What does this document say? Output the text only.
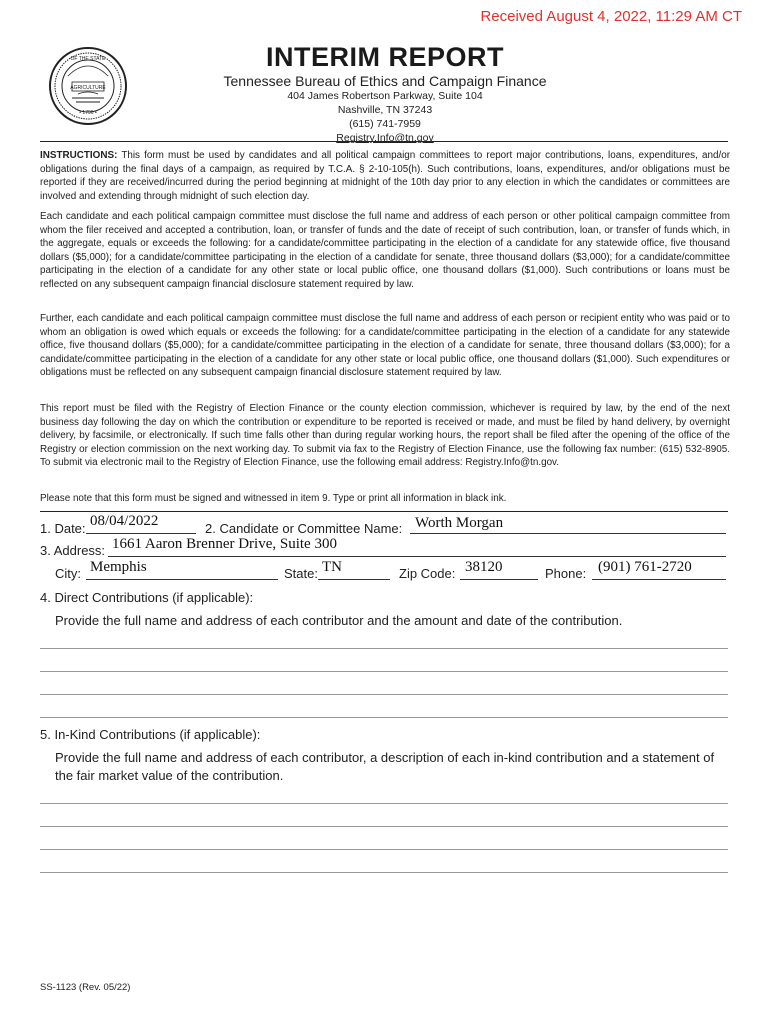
Received August 4, 2022, 11:29 AM CT
AGRICULTURE
• 1796 •
OF THE STATE	INTERIM REPORT
Tennessee Bureau of Ethics and Campaign Finance
404 James Robertson Parkway, Suite 104
Nashville, TN 37243
(615) 741-7959
Registry.Info@tn.gov
INSTRUCTIONS: This form must be used by candidates and all political campaign committees to report major contributions, loans, expenditures, and/or obligations during the final days of a campaign, as required by T.C.A. § 2-10-105(h). Such contributions, loans, expenditures, and/or obligations must be reported if they are received/incurred during the period beginning at midnight of the 10th day prior to any election in which the candidates or committees are involved and extending through midnight of such election day.
Each candidate and each political campaign committee must disclose the full name and address of each person or other political campaign committee from whom the filer received and accepted a contribution, loan, or transfer of funds and the date of receipt of such contribution, loan, or transfer of funds which, in the aggregate, equals or exceeds the following: for a candidate/committee participating in the election of a candidate for any statewide office, five thousand dollars ($5,000); for a candidate/committee participating in the election of a candidate for senate, three thousand dollars ($3,000); for a candidate/committee participating in the election of a candidate for any other state or local public office, one thousand dollars ($1,000). Such contributions or loans must be reflected on any subsequent campaign financial disclosure statement required by law.
Further, each candidate and each political campaign committee must disclose the full name and address of each person or recipient entity who was paid or to whom an obligation is owed which equals or exceeds the following: for a candidate/committee participating in the election of a candidate for any statewide office, five thousand dollars ($5,000); for a candidate/committee participating in the election of a candidate for senate, three thousand dollars ($3,000); for a candidate/committee participating in the election of a candidate for any other state or local public office, one thousand dollars ($1,000). Such expenditures or obligations must be reflected on any subsequent campaign financial disclosure statement required by law.
This report must be filed with the Registry of Election Finance or the county election commission, whichever is required by law, by the end of the next business day following the day on which the contribution or expenditure to be reported is received or made, and must be filed by hand delivery, by overnight delivery, by facsimile, or electronically. If such time falls other than during regular working hours, the report shall be filed after the opening of the office of the Registry or election commission on the next working day. To submit via fax to the Registry of Election Finance, use the following fax number: (615) 532-8905. To submit via electronic mail to the Registry of Election Finance, use the following email address: Registry.Info@tn.gov.
Please note that this form must be signed and witnessed in item 9. Type or print all information in black ink.
1. Date: 08/04/2022	2. Candidate or Committee Name: Worth Morgan
3. Address: 1661 Aaron Brenner Drive, Suite 300
City: Memphis	State: TN	Zip Code: 38120	Phone: (901) 761-2720
4. Direct Contributions (if applicable):
Provide the full name and address of each contributor and the amount and date of the contribution.
5. In-Kind Contributions (if applicable):
Provide the full name and address of each contributor, a description of each in-kind contribution and a statement of the fair market value of the contribution.
SS-1123 (Rev. 05/22)
